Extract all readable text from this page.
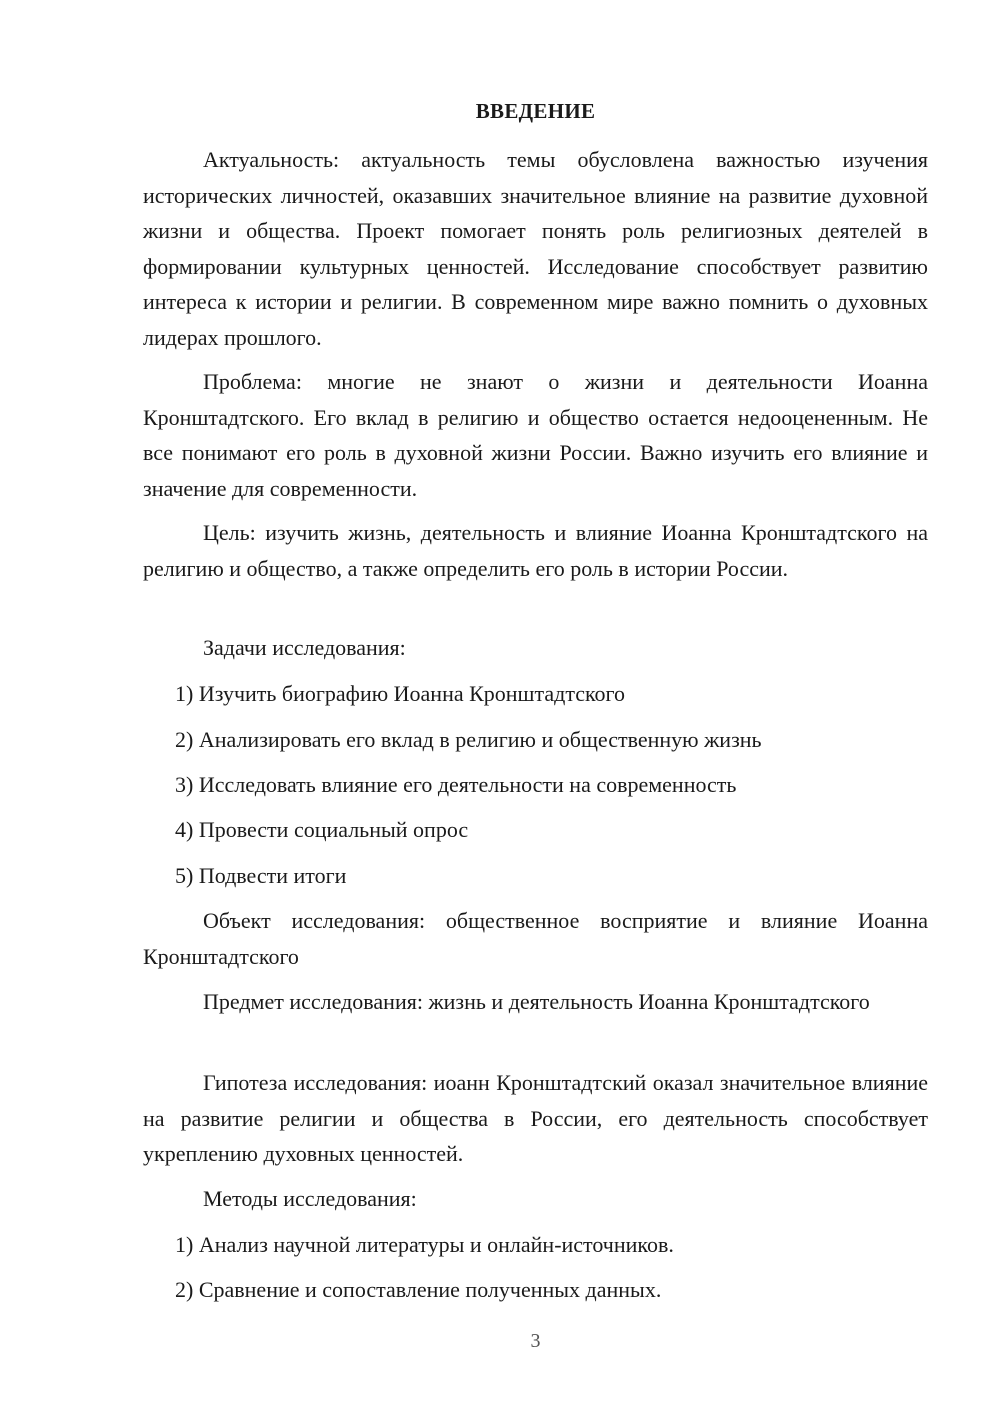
ВВЕДЕНИЕ

Актуальность: актуальность темы обусловлена важностью изучения исторических личностей, оказавших значительное влияние на развитие духовной жизни и общества. Проект помогает понять роль религиозных деятелей в формировании культурных ценностей. Исследование способствует развитию интереса к истории и религии. В современном мире важно помнить о духовных лидерах прошлого.

Проблема: многие не знают о жизни и деятельности Иоанна Кронштадтского. Его вклад в религию и общество остается недооцененным. Не все понимают его роль в духовной жизни России. Важно изучить его влияние и значение для современности.

Цель: изучить жизнь, деятельность и влияние Иоанна Кронштадтского на религию и общество, а также определить его роль в истории России.

Задачи исследования:
1) Изучить биографию Иоанна Кронштадтского
2) Анализировать его вклад в религию и общественную жизнь
3) Исследовать влияние его деятельности на современность
4) Провести социальный опрос
5) Подвести итоги

Объект исследования: общественное восприятие и влияние Иоанна Кронштадтского

Предмет исследования: жизнь и деятельность Иоанна Кронштадтского

Гипотеза исследования: иоанн Кронштадтский оказал значительное влияние на развитие религии и общества в России, его деятельность способствует укреплению духовных ценностей.

Методы исследования:
1) Анализ научной литературы и онлайн-источников.
2) Сравнение и сопоставление полученных данных.
3
